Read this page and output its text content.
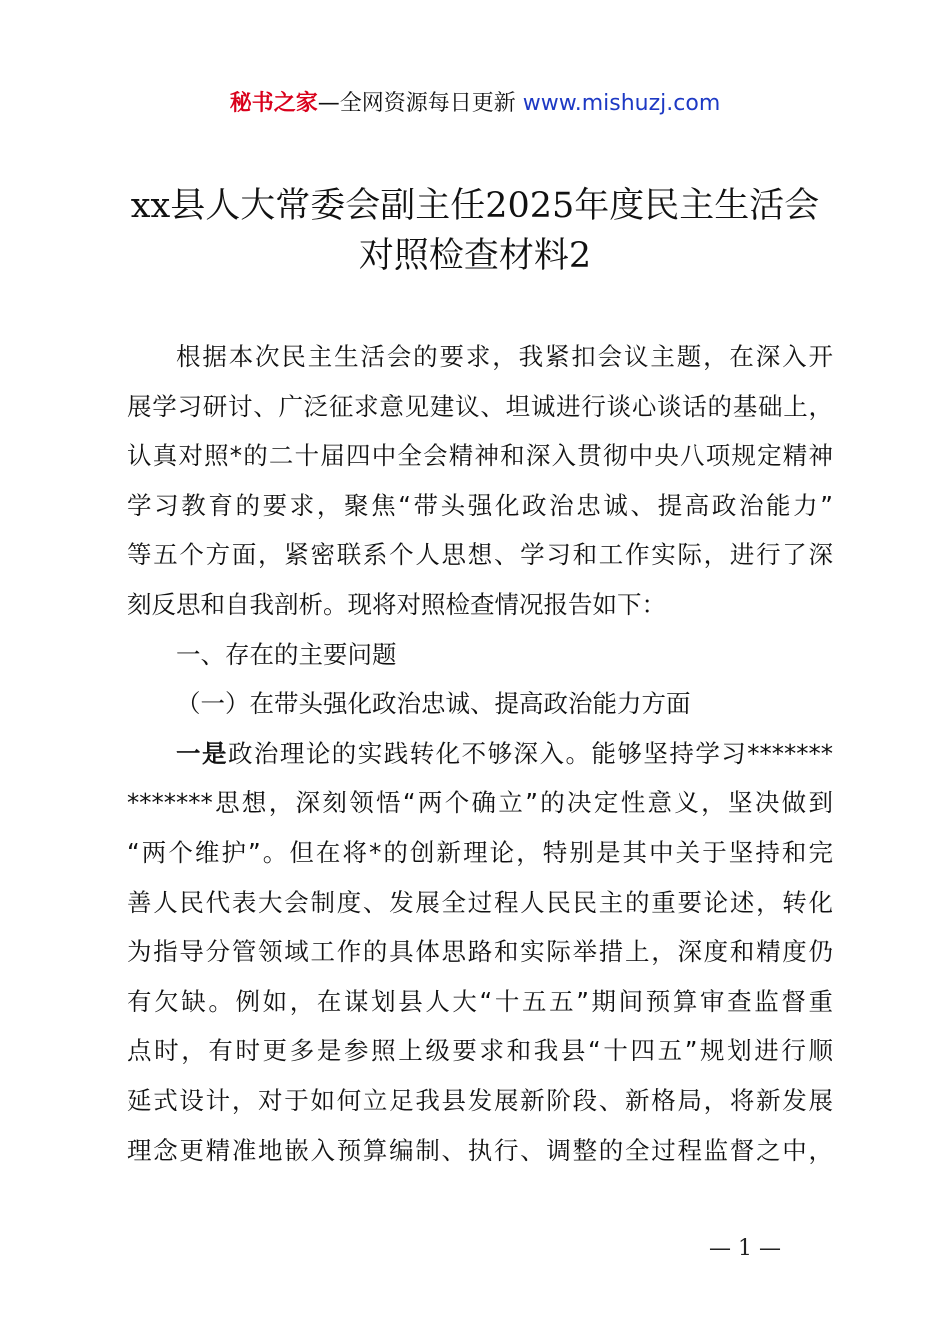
秘书之家—全网资源每日更新 www.mishuzj.com
xx县人大常委会副主任2025年度民主生活会
对照检查材料2
根据本次民主生活会的要求，我紧扣会议主题，在深入开
展学习研讨、广泛征求意见建议、坦诚进行谈心谈话的基础上，
认真对照*的二十届四中全会精神和深入贯彻中央八项规定精神
学习教育的要求，聚焦“带头强化政治忠诚、提高政治能力”
等五个方面，紧密联系个人思想、学习和工作实际，进行了深
刻反思和自我剖析。现将对照检查情况报告如下：
一、存在的主要问题
（一）在带头强化政治忠诚、提高政治能力方面
一是政治理论的实践转化不够深入。能够坚持学习*******
*******思想，深刻领悟“两个确立”的决定性意义，坚决做到
“两个维护”。但在将*的创新理论，特别是其中关于坚持和完
善人民代表大会制度、发展全过程人民民主的重要论述，转化
为指导分管领域工作的具体思路和实际举措上，深度和精度仍
有欠缺。例如，在谋划县人大“十五五”期间预算审查监督重
点时，有时更多是参照上级要求和我县“十四五”规划进行顺
延式设计，对于如何立足我县发展新阶段、新格局，将新发展
理念更精准地嵌入预算编制、执行、调整的全过程监督之中，
— 1 —
